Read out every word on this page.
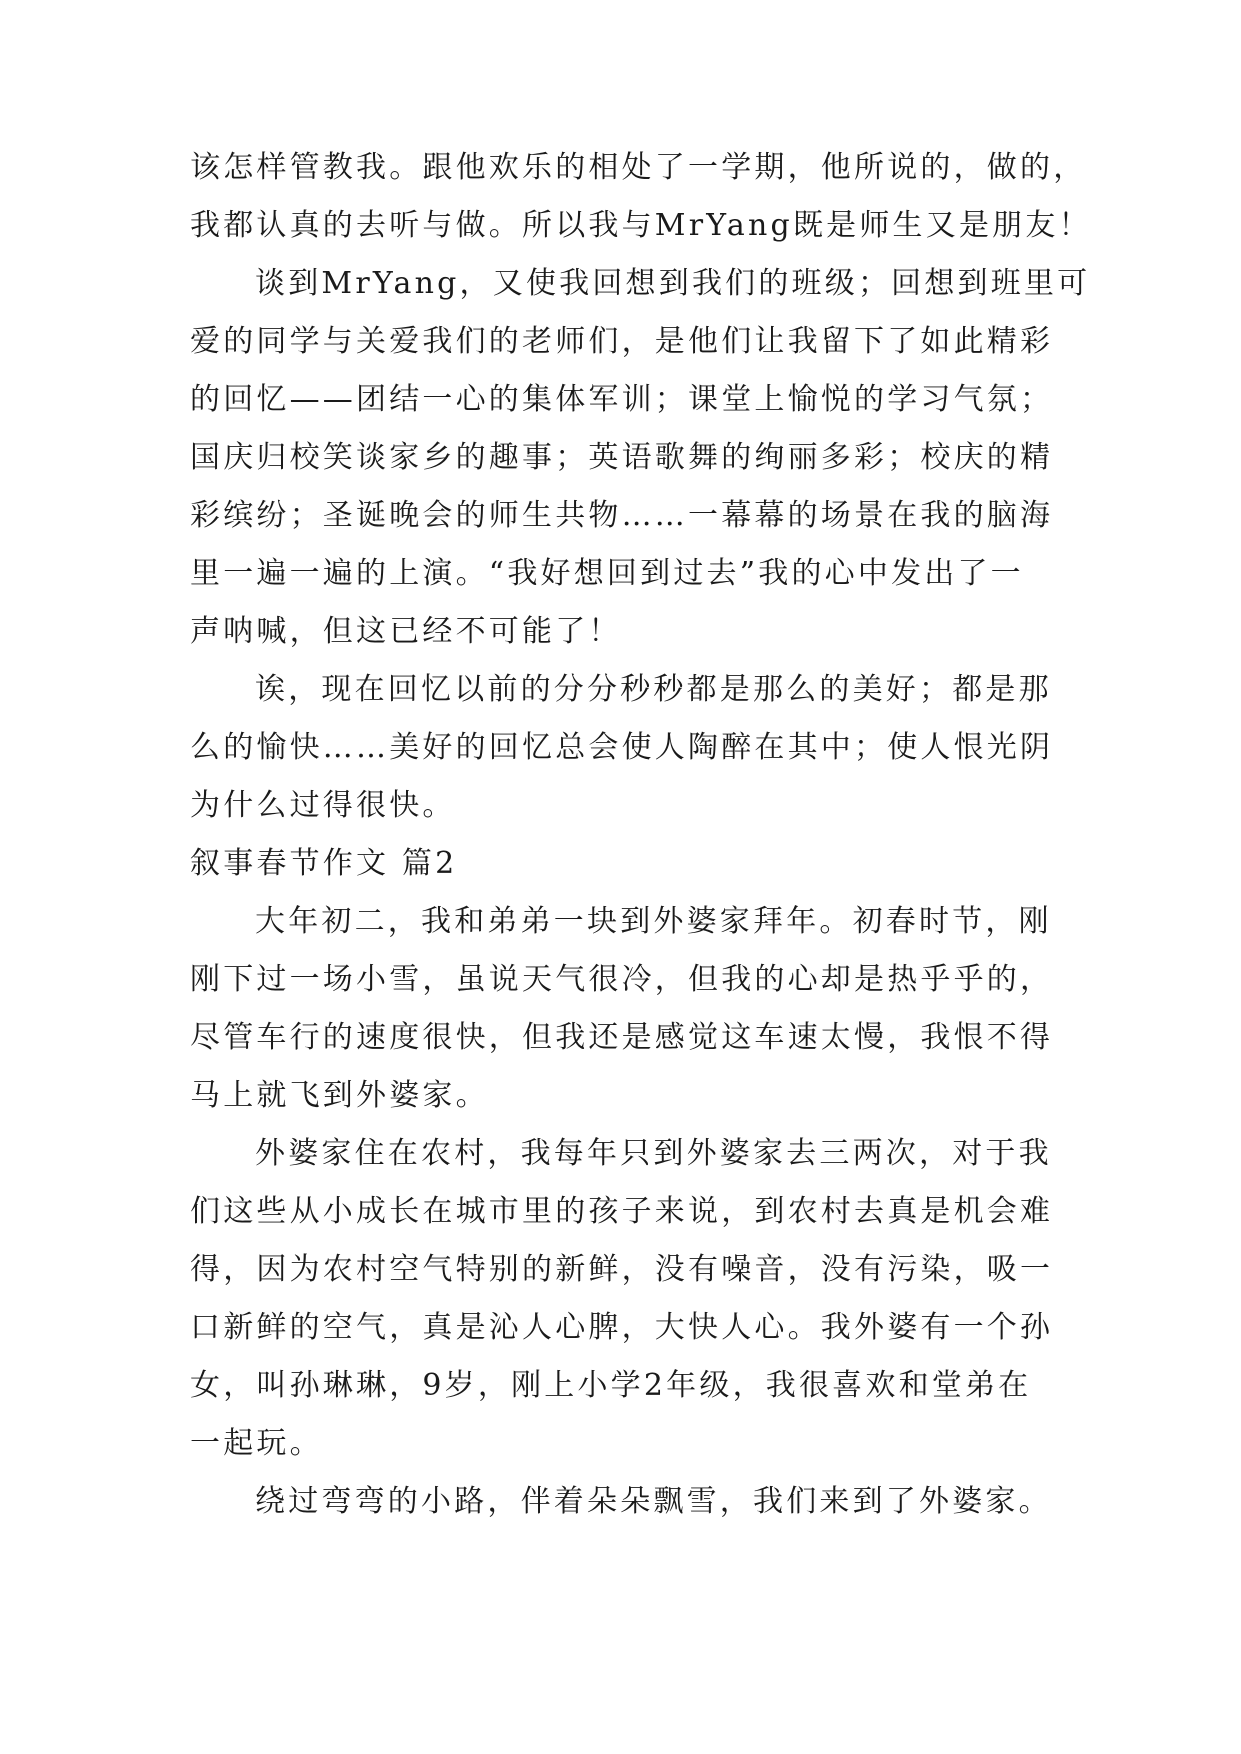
该怎样管教我。跟他欢乐的相处了一学期，他所说的，做的，
我都认真的去听与做。所以我与MrYang既是师生又是朋友！
谈到MrYang，又使我回想到我们的班级；回想到班里可
爱的同学与关爱我们的老师们，是他们让我留下了如此精彩
的回忆——团结一心的集体军训；课堂上愉悦的学习气氛；
国庆归校笑谈家乡的趣事；英语歌舞的绚丽多彩；校庆的精
彩缤纷；圣诞晚会的师生共物……一幕幕的场景在我的脑海
里一遍一遍的上演。“我好想回到过去”我的心中发出了一
声呐喊，但这已经不可能了！
诶，现在回忆以前的分分秒秒都是那么的美好；都是那
么的愉快……美好的回忆总会使人陶醉在其中；使人恨光阴
为什么过得很快。
叙事春节作文 篇2
大年初二，我和弟弟一块到外婆家拜年。初春时节，刚
刚下过一场小雪，虽说天气很冷，但我的心却是热乎乎的，
尽管车行的速度很快，但我还是感觉这车速太慢，我恨不得
马上就飞到外婆家。
外婆家住在农村，我每年只到外婆家去三两次，对于我
们这些从小成长在城市里的孩子来说，到农村去真是机会难
得，因为农村空气特别的新鲜，没有噪音，没有污染，吸一
口新鲜的空气，真是沁人心脾，大快人心。我外婆有一个孙
女，叫孙琳琳，9岁，刚上小学2年级，我很喜欢和堂弟在
一起玩。
绕过弯弯的小路，伴着朵朵飘雪，我们来到了外婆家。
